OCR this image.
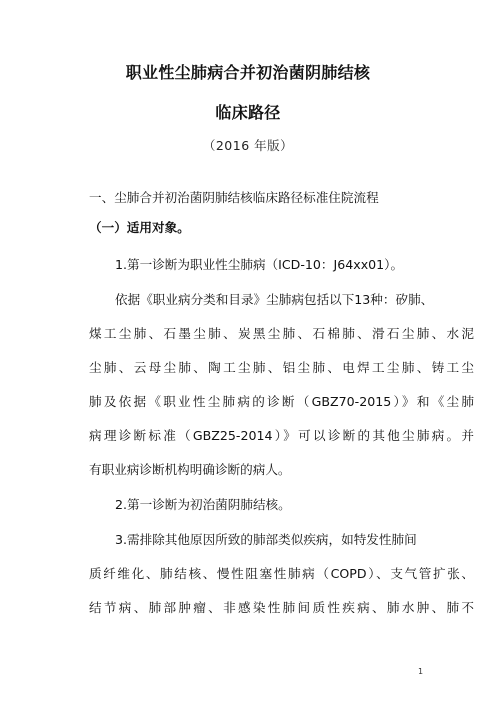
职业性尘肺病合并初治菌阴肺结核
临床路径
（2016 年版）
一、尘肺合并初治菌阴肺结核临床路径标准住院流程
（一）适用对象。
1.第一诊断为职业性尘肺病（ICD-10：J64xx01）。
依据《职业病分类和目录》尘肺病包括以下13种：矽肺、
煤工尘肺、石墨尘肺、炭黑尘肺、石棉肺、滑石尘肺、水泥
尘肺、云母尘肺、陶工尘肺、铝尘肺、电焊工尘肺、铸工尘
肺及依据《职业性尘肺病的诊断（GBZ70-2015）》和《尘肺
病理诊断标准（GBZ25-2014）》可以诊断的其他尘肺病。并
有职业病诊断机构明确诊断的病人。
2.第一诊断为初治菌阴肺结核。
3.需排除其他原因所致的肺部类似疾病，如特发性肺间
质纤维化、肺结核、慢性阻塞性肺病（COPD）、支气管扩张、
结节病、肺部肿瘤、非感染性肺间质性疾病、肺水肿、肺不
1
